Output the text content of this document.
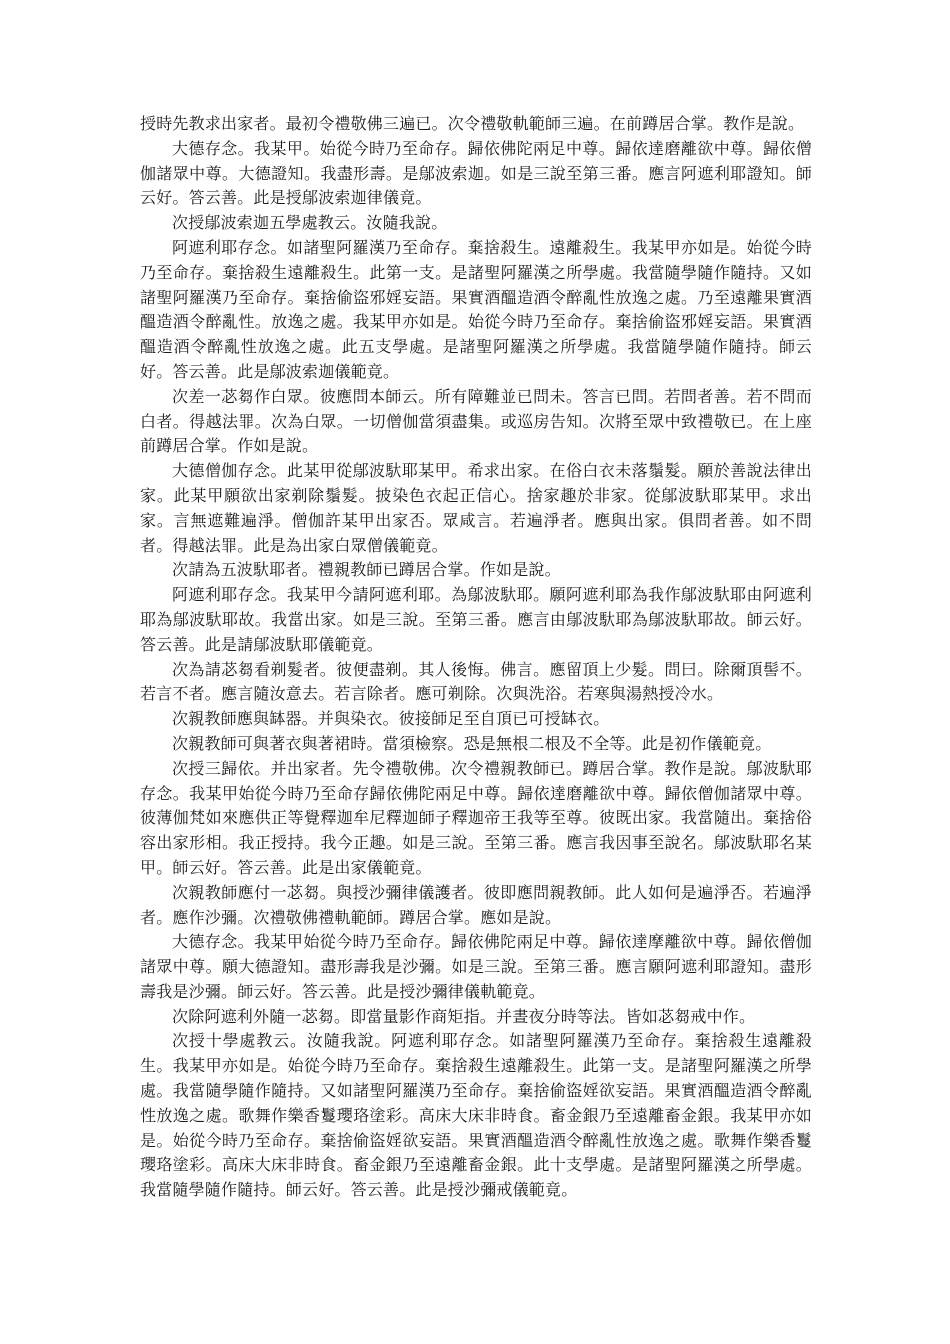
授時先教求出家者。最初令禮敬佛三遍已。次令禮敬軌範師三遍。在前蹲居合掌。教作是說。

大德存念。我某甲。始從今時乃至命存。歸依佛陀兩足中尊。歸依達磨離欲中尊。歸依僧伽諸眾中尊。大德證知。我盡形壽。是鄔波索迦。如是三說至第三番。應言阿遮利耶證知。師云好。答云善。此是授鄔波索迦律儀竟。

次授鄔波索迦五學處教云。汝隨我說。

阿遮利耶存念。如諸聖阿羅漢乃至命存。棄捨殺生。遠離殺生。我某甲亦如是。始從今時乃至命存。棄捨殺生遠離殺生。此第一支。是諸聖阿羅漢之所學處。我當隨學隨作隨持。又如諸聖阿羅漢乃至命存。棄捨偷盜邪婬妄語。果實酒醞造酒令醉亂性放逸之處。乃至遠離果實酒醞造酒令醉亂性。放逸之處。我某甲亦如是。始從今時乃至命存。棄捨偷盜邪婬妄語。果實酒醞造酒令醉亂性放逸之處。此五支學處。是諸聖阿羅漢之所學處。我當隨學隨作隨持。師云好。答云善。此是鄔波索迦儀範竟。

次差一苾芻作白眾。彼應問本師云。所有障難並已問未。答言已問。若問者善。若不問而白者。得越法罪。次為白眾。一切僧伽當須盡集。或巡房告知。次將至眾中致禮敬已。在上座前蹲居合掌。作如是說。

大德僧伽存念。此某甲從鄔波馱耶某甲。希求出家。在俗白衣未落鬚髮。願於善說法律出家。此某甲願欲出家剃除鬚髮。披染色衣起正信心。捨家趣於非家。從鄔波馱耶某甲。求出家。言無遮難遍淨。僧伽許某甲出家否。眾咸言。若遍淨者。應與出家。俱問者善。如不問者。得越法罪。此是為出家白眾僧儀範竟。

次請為五波馱耶者。禮親教師已蹲居合掌。作如是說。

阿遮利耶存念。我某甲今請阿遮利耶。為鄔波馱耶。願阿遮利耶為我作鄔波馱耶由阿遮利耶為鄔波馱耶故。我當出家。如是三說。至第三番。應言由鄔波馱耶為鄔波馱耶故。師云好。答云善。此是請鄔波馱耶儀範竟。

次為請苾芻看剃髮者。彼便盡剃。其人後悔。佛言。應留頂上少髮。問曰。除爾頂髻不。若言不者。應言隨汝意去。若言除者。應可剃除。次與洗浴。若寒與湯熱授冷水。

次親教師應與缽器。并與染衣。彼接師足至自頂已可授缽衣。

次親教師可與著衣與著裙時。當須檢察。恐是無根二根及不全等。此是初作儀範竟。

次授三歸依。并出家者。先令禮敬佛。次令禮親教師已。蹲居合掌。教作是說。鄔波馱耶存念。我某甲始從今時乃至命存歸依佛陀兩足中尊。歸依達磨離欲中尊。歸依僧伽諸眾中尊。彼薄伽梵如來應供正等覺釋迦牟尼釋迦師子釋迦帝王我等至尊。彼既出家。我當隨出。棄捨俗容出家形相。我正授持。我今正趣。如是三說。至第三番。應言我因事至說名。鄔波馱耶名某甲。師云好。答云善。此是出家儀範竟。

次親教師應付一苾芻。與授沙彌律儀護者。彼即應問親教師。此人如何是遍淨否。若遍淨者。應作沙彌。次禮敬佛禮軌範師。蹲居合掌。應如是說。

大德存念。我某甲始從今時乃至命存。歸依佛陀兩足中尊。歸依達摩離欲中尊。歸依僧伽諸眾中尊。願大德證知。盡形壽我是沙彌。如是三說。至第三番。應言願阿遮利耶證知。盡形壽我是沙彌。師云好。答云善。此是授沙彌律儀軌範竟。

次除阿遮利外隨一苾芻。即當量影作商矩指。并晝夜分時等法。皆如苾芻戒中作。

次授十學處教云。汝隨我說。阿遮利耶存念。如諸聖阿羅漢乃至命存。棄捨殺生遠離殺生。我某甲亦如是。始從今時乃至命存。棄捨殺生遠離殺生。此第一支。是諸聖阿羅漢之所學處。我當隨學隨作隨持。又如諸聖阿羅漢乃至命存。棄捨偷盜婬欲妄語。果實酒醞造酒令醉亂性放逸之處。歌舞作樂香鬘瓔珞塗彩。高床大床非時食。畜金銀乃至遠離畜金銀。我某甲亦如是。始從今時乃至命存。棄捨偷盜婬欲妄語。果實酒醞造酒令醉亂性放逸之處。歌舞作樂香鬘瓔珞塗彩。高床大床非時食。畜金銀乃至遠離畜金銀。此十支學處。是諸聖阿羅漢之所學處。我當隨學隨作隨持。師云好。答云善。此是授沙彌戒儀範竟。
